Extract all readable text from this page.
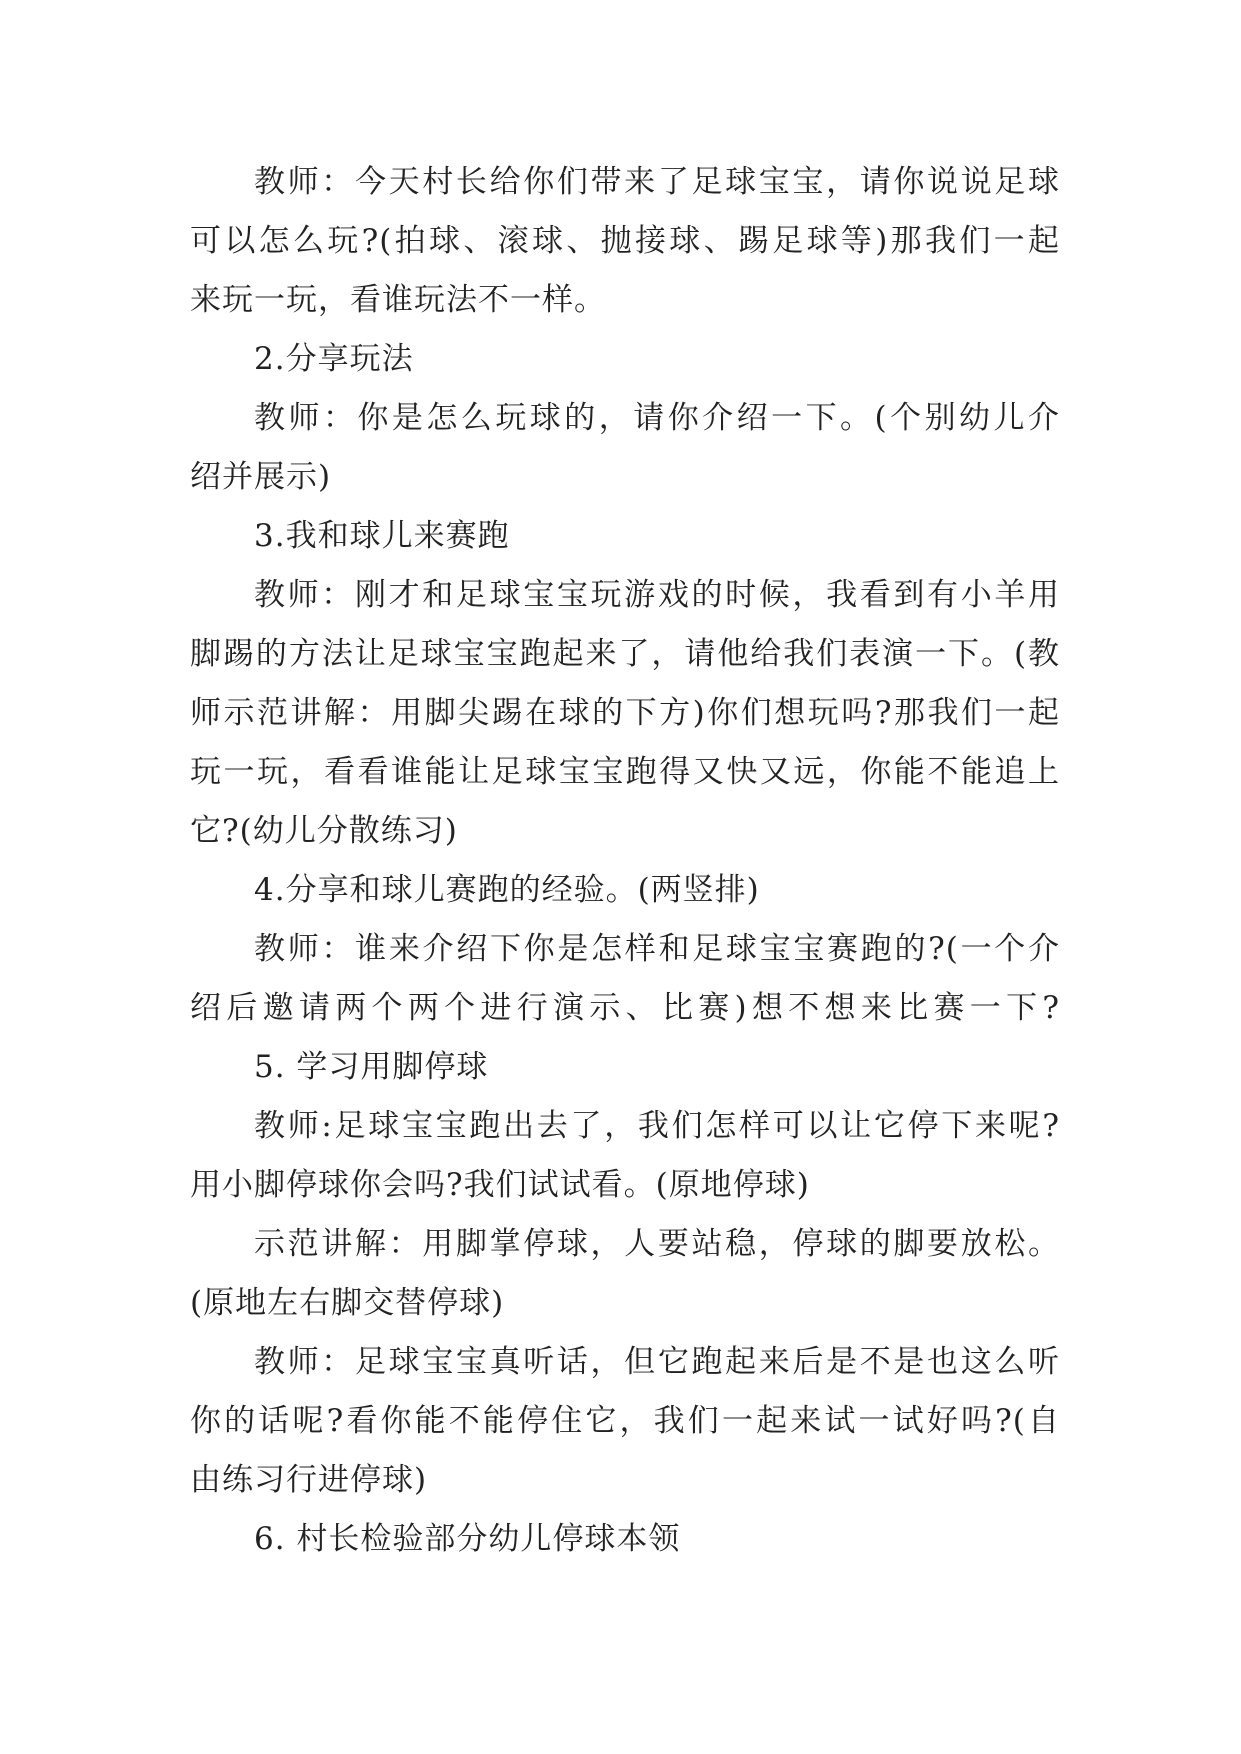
教师：今天村长给你们带来了足球宝宝，请你说说足球
可以怎么玩?(拍球、滚球、抛接球、踢足球等)那我们一起
来玩一玩，看谁玩法不一样。
2.分享玩法
教师：你是怎么玩球的，请你介绍一下。(个别幼儿介
绍并展示)
3.我和球儿来赛跑
教师：刚才和足球宝宝玩游戏的时候，我看到有小羊用
脚踢的方法让足球宝宝跑起来了，请他给我们表演一下。(教
师示范讲解：用脚尖踢在球的下方)你们想玩吗?那我们一起
玩一玩，看看谁能让足球宝宝跑得又快又远，你能不能追上
它?(幼儿分散练习)
4.分享和球儿赛跑的经验。(两竖排)
教师：谁来介绍下你是怎样和足球宝宝赛跑的?(一个介
绍后邀请两个两个进行演示、比赛)想不想来比赛一下?
5. 学习用脚停球
教师:足球宝宝跑出去了，我们怎样可以让它停下来呢?
用小脚停球你会吗?我们试试看。(原地停球)
示范讲解：用脚掌停球，人要站稳，停球的脚要放松。
(原地左右脚交替停球)
教师：足球宝宝真听话，但它跑起来后是不是也这么听
你的话呢?看你能不能停住它，我们一起来试一试好吗?(自
由练习行进停球)
6. 村长检验部分幼儿停球本领
